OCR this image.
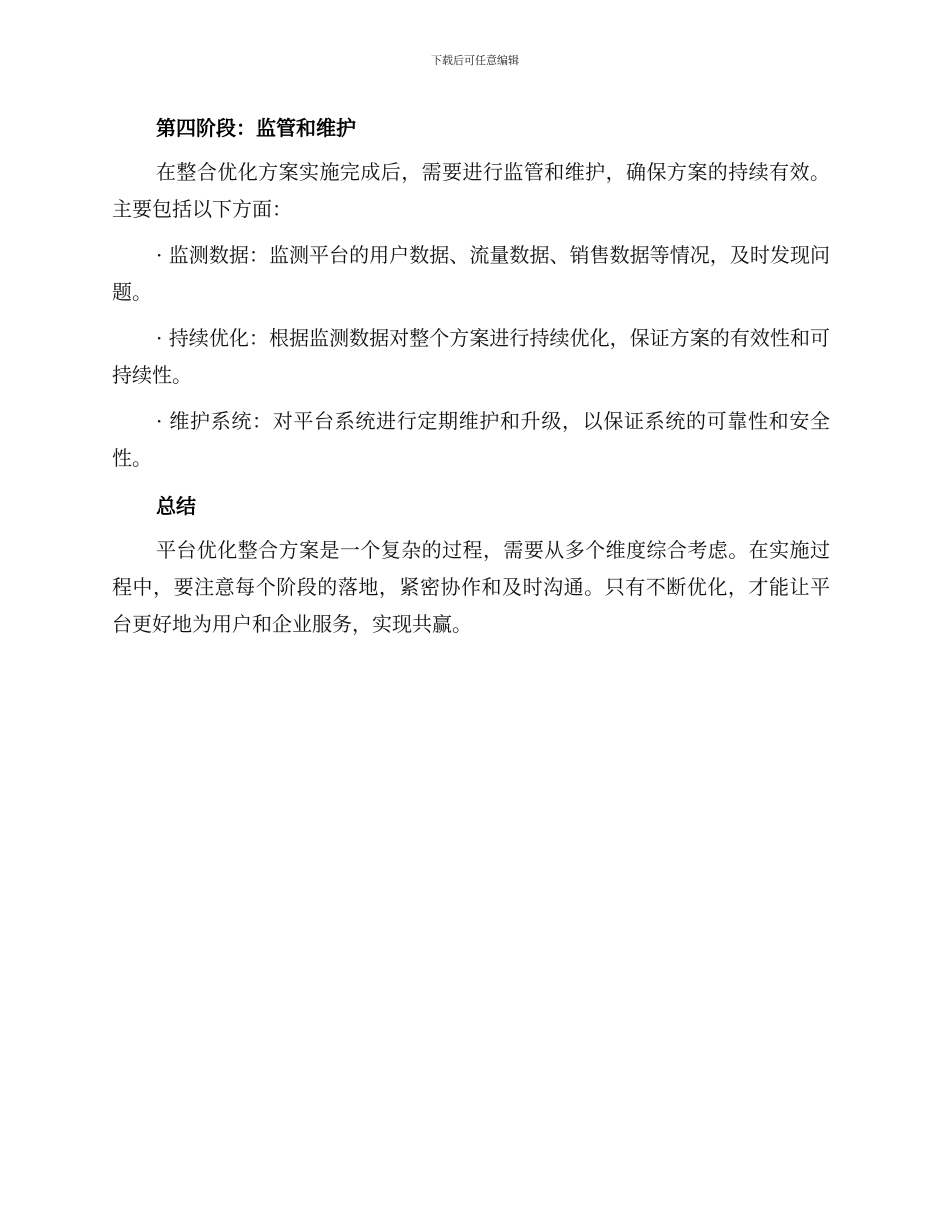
下载后可任意编辑
第四阶段：监管和维护

在整合优化方案实施完成后，需要进行监管和维护，确保方案的持续有效。主要包括以下方面：

· 监测数据：监测平台的用户数据、流量数据、销售数据等情况，及时发现问题。

· 持续优化：根据监测数据对整个方案进行持续优化，保证方案的有效性和可持续性。

· 维护系统：对平台系统进行定期维护和升级，以保证系统的可靠性和安全性。

总结

平台优化整合方案是一个复杂的过程，需要从多个维度综合考虑。在实施过程中，要注意每个阶段的落地，紧密协作和及时沟通。只有不断优化，才能让平台更好地为用户和企业服务，实现共赢。
